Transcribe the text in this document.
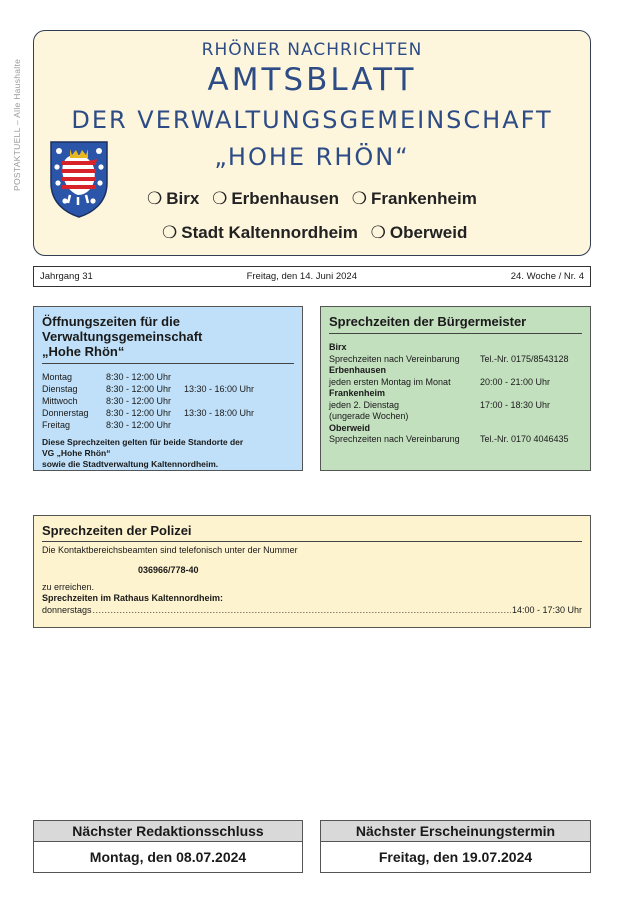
POSTAKTUELL – Alle Haushalte
RHÖNER NACHRICHTEN
AMTSBLATT
DER VERWALTUNGSGEMEINSCHAFT
„HOHE RHÖN“
❍ Birx ❍ Erbenhausen ❍ Frankenheim
❍ Stadt Kaltennordheim ❍ Oberweid
Jahrgang 31	Freitag, den 14. Juni 2024	24. Woche / Nr. 4
Öffnungszeiten für die
Verwaltungsgemeinschaft
„Hohe Rhön“
Montag	8:30 - 12:00 Uhr
Dienstag	8:30 - 12:00 Uhr	13:30 - 16:00 Uhr
Mittwoch	8:30 - 12:00 Uhr
Donnerstag	8:30 - 12:00 Uhr	13:30 - 18:00 Uhr
Freitag	8:30 - 12:00 Uhr
Diese Sprechzeiten gelten für beide Standorte der
VG „Hohe Rhön“
sowie die Stadtverwaltung Kaltennordheim.
Sprechzeiten der Bürgermeister
Birx
Sprechzeiten nach Vereinbarung	Tel.-Nr. 0175/8543128
Erbenhausen
jeden ersten Montag im Monat	20:00 - 21:00 Uhr
Frankenheim
jeden 2. Dienstag	17:00 - 18:30 Uhr
(ungerade Wochen)
Oberweid
Sprechzeiten nach Vereinbarung	Tel.-Nr. 0170 4046435
Sprechzeiten der Polizei
Die Kontaktbereichsbeamten sind telefonisch unter der Nummer
036966/778-40
zu erreichen.
Sprechzeiten im Rathaus Kaltennordheim:
donnerstags
.....	14:00 - 17:30 Uhr
Nächster Redaktionsschluss
Montag, den 08.07.2024
Nächster Erscheinungstermin
Freitag, den 19.07.2024
